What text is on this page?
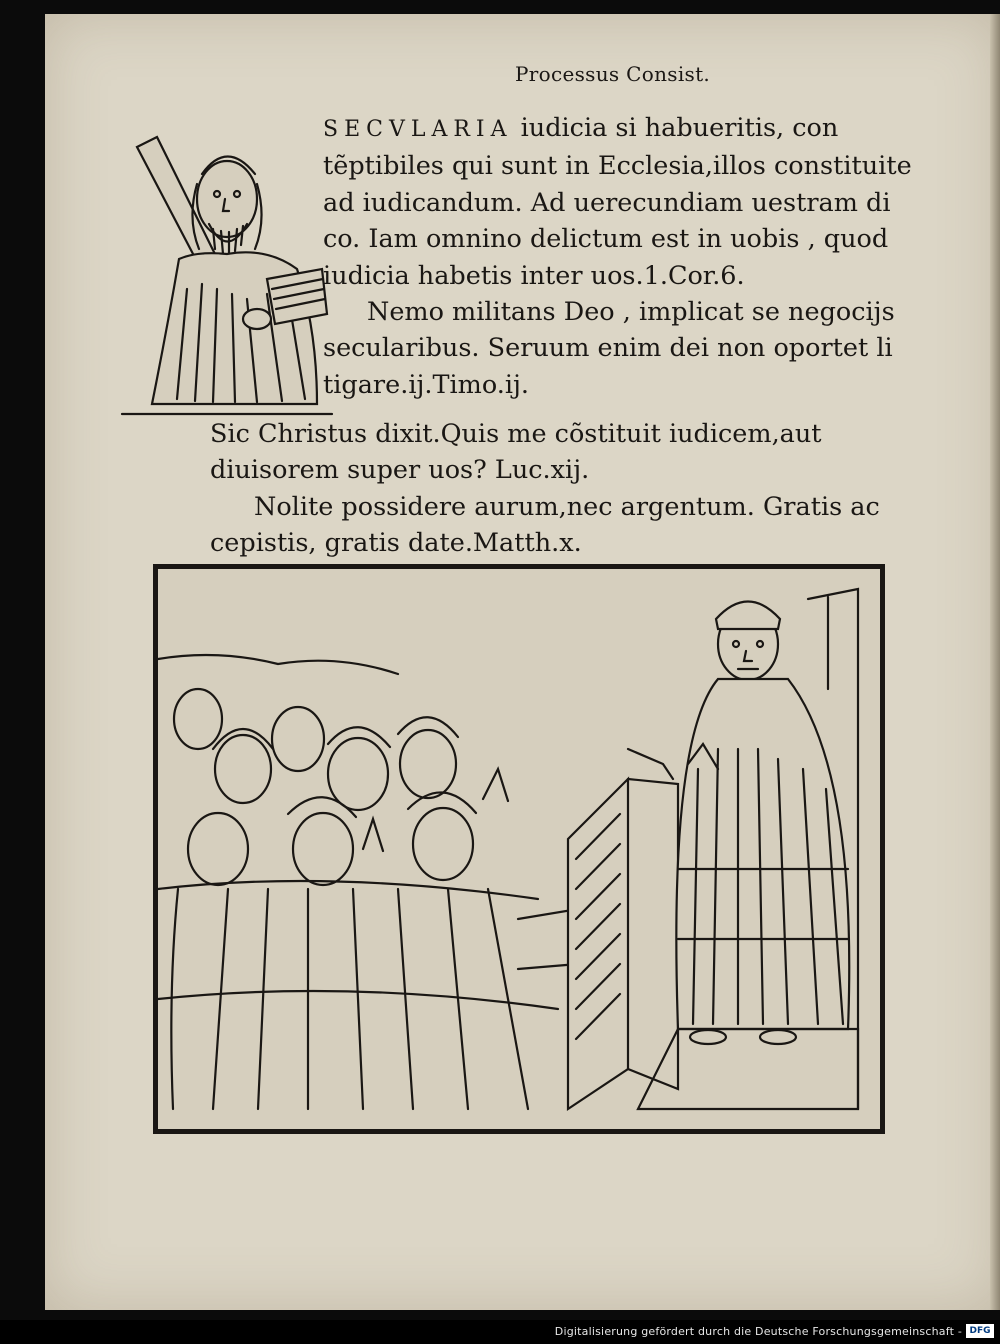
Processus Consist.
SECVLARIA iudicia si habueritis, con
tẽptibiles qui sunt in Ecclesia,illos constituite
ad iudicandum. Ad uerecundiam uestram di
co. Iam omnino delictum est in uobis , quod
iudicia habetis inter uos.1.Cor.6.
Nemo militans Deo , implicat se negocijs
secularibus. Seruum enim dei non oportet li
tigare.ij.Timo.ij.
Sic Christus dixit.Quis me cõstituit iudicem,aut
diuisorem super uos? Luc.xij.
Nolite possidere aurum,nec argentum. Gratis ac
cepistis, gratis date.Matth.x.
Digitalisierung gefördert durch die Deutsche Forschungsgemeinschaft - DFG
